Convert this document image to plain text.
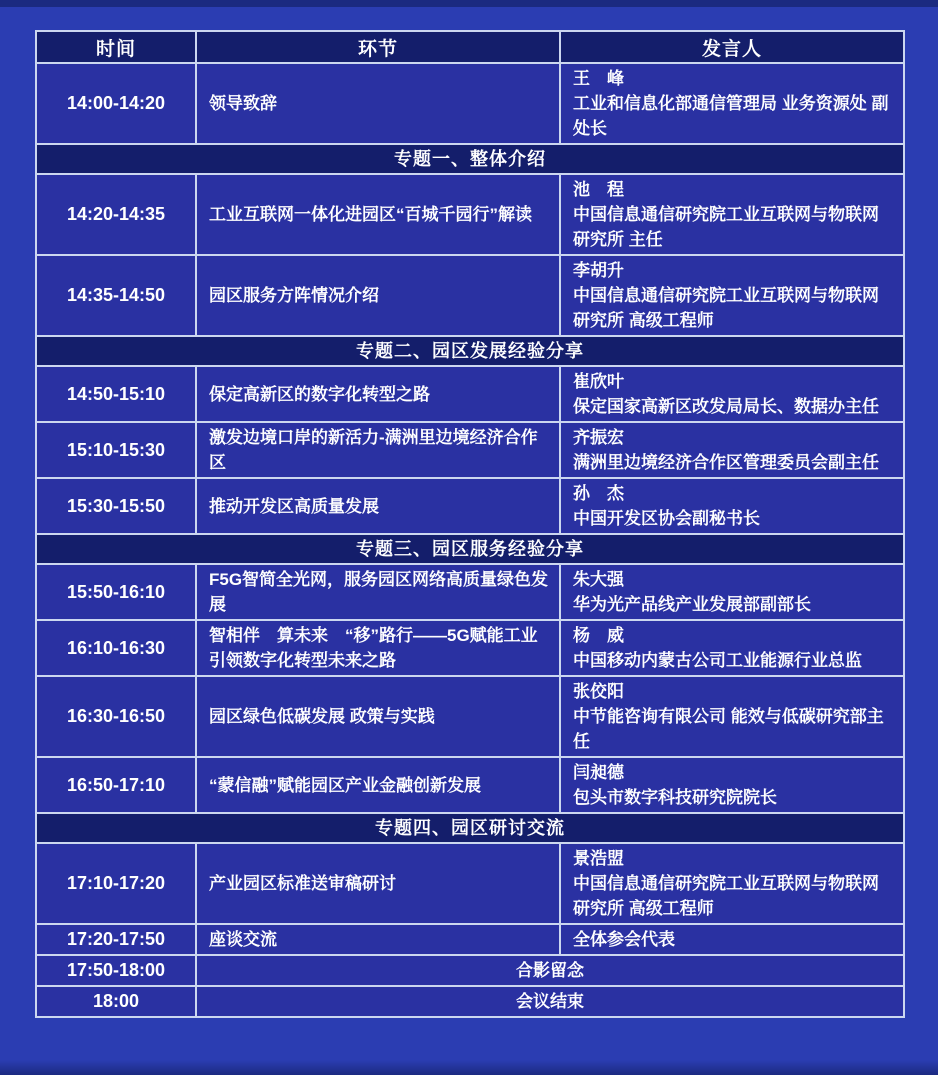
时间	环节	发言人
14:00-14:20	领导致辞	王　峰
工业和信息化部通信管理局 业务资源处 副处长

专题一、整体介绍		
14:20-14:35	工业互联网一体化进园区“百城千园行”解读	池　程
中国信息通信研究院工业互联网与物联网研究所 主任

14:35-14:50	园区服务方阵情况介绍	李胡升
中国信息通信研究院工业互联网与物联网研究所 高级工程师

专题二、园区发展经验分享		
14:50-15:10	保定高新区的数字化转型之路	崔欣叶
保定国家高新区改发局局长、数据办主任

15:10-15:30	激发边境口岸的新活力-满洲里边境经济合作区	齐振宏
满洲里边境经济合作区管理委员会副主任

15:30-15:50	推动开发区高质量发展	孙　杰
中国开发区协会副秘书长

专题三、园区服务经验分享		
15:50-16:10	F5G智简全光网，服务园区网络高质量绿色发展	朱大强
华为光产品线产业发展部副部长

16:10-16:30	智相伴　算未来　“移”路行——5G赋能工业引领数字化转型未来之路	杨　威
中国移动内蒙古公司工业能源行业总监

16:30-16:50	园区绿色低碳发展 政策与实践	张佼阳
中节能咨询有限公司 能效与低碳研究部主任

16:50-17:10	“蒙信融”赋能园区产业金融创新发展	闫昶德
包头市数字科技研究院院长

专题四、园区研讨交流		
17:10-17:20	产业园区标准送审稿研讨	景浩盟
中国信息通信研究院工业互联网与物联网研究所 高级工程师

17:20-17:50	座谈交流	全体参会代表

17:50-18:00	合影留念	
18:00	会议结束	
